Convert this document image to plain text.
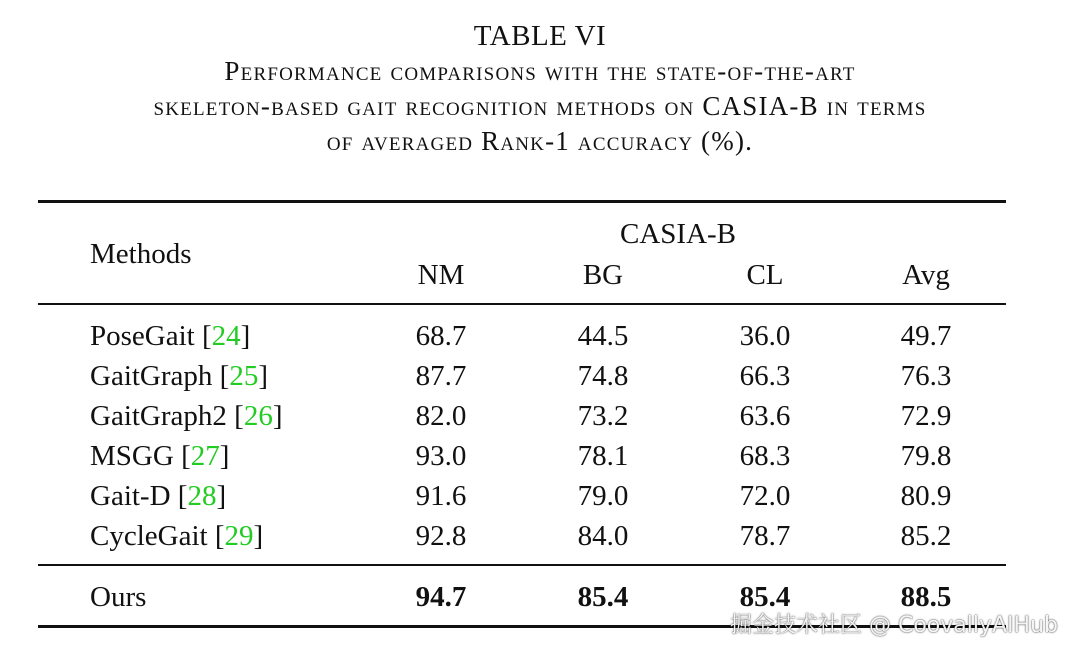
TABLE VI
Performance comparisons with the state-of-the-art
skeleton-based gait recognition methods on CASIA-B in terms
of averaged Rank-1 accuracy (%).
Methods
CASIA-B
NM	BG	CL	Avg
PoseGait [24]	68.7	44.5	36.0	49.7
GaitGraph [25]	87.7	74.8	66.3	76.3
GaitGraph2 [26]	82.0	73.2	63.6	72.9
MSGG [27]	93.0	78.1	68.3	79.8
Gait-D [28]	91.6	79.0	72.0	80.9
CycleGait [29]	92.8	84.0	78.7	85.2
Ours	94.7	85.4	85.4	88.5
掘金技术社区 @ CoovallyAIHub
